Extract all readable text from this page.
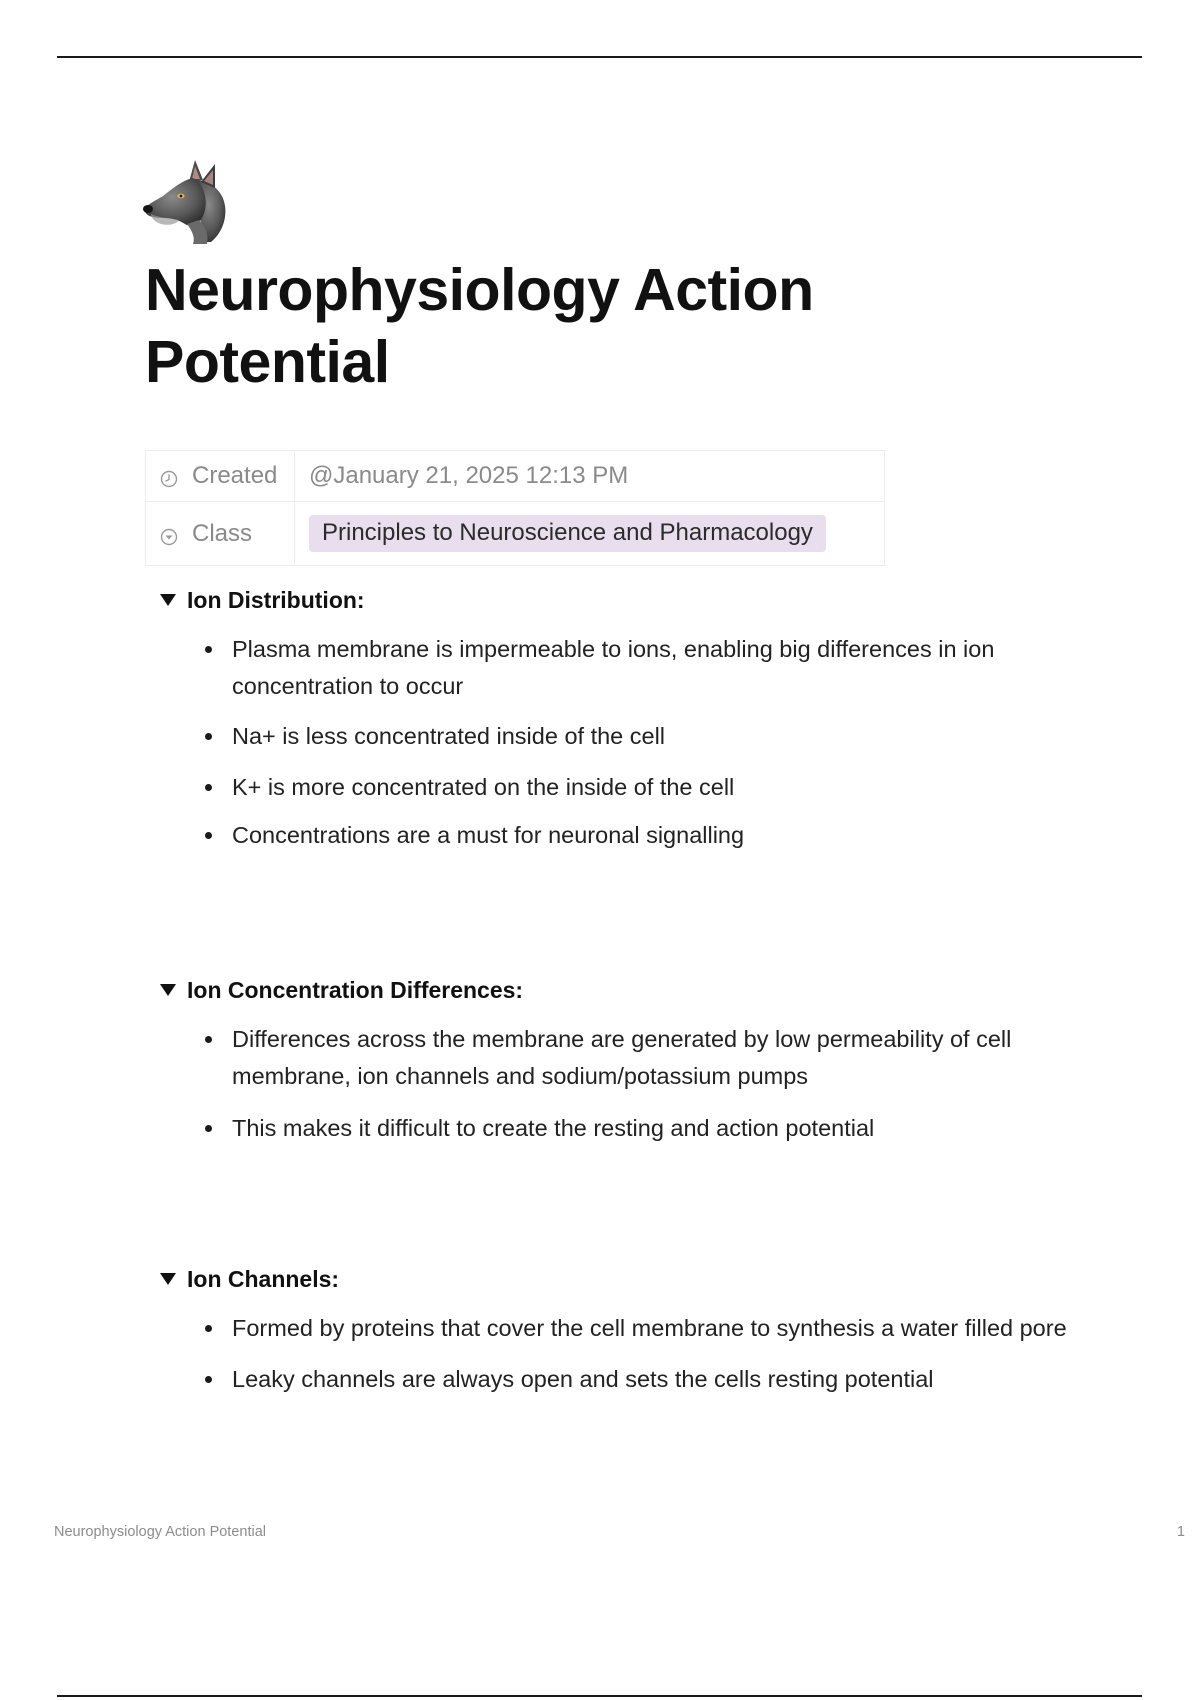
Neurophysiology Action Potential
Created	@January 21, 2025 12:13 PM

Class	Principles to Neuroscience and Pharmacology
Ion Distribution:
Plasma membrane is impermeable to ions, enabling big differences in ion concentration to occur
Na+ is less concentrated inside of the cell
K+ is more concentrated on the inside of the cell
Concentrations are a must for neuronal signalling
Ion Concentration Differences:
Differences across the membrane are generated by low permeability of cell membrane, ion channels and sodium/potassium pumps
This makes it difficult to create the resting and action potential
Ion Channels:
Formed by proteins that cover the cell membrane to synthesis a water filled pore
Leaky channels are always open and sets the cells resting potential
Neurophysiology Action Potential	1
